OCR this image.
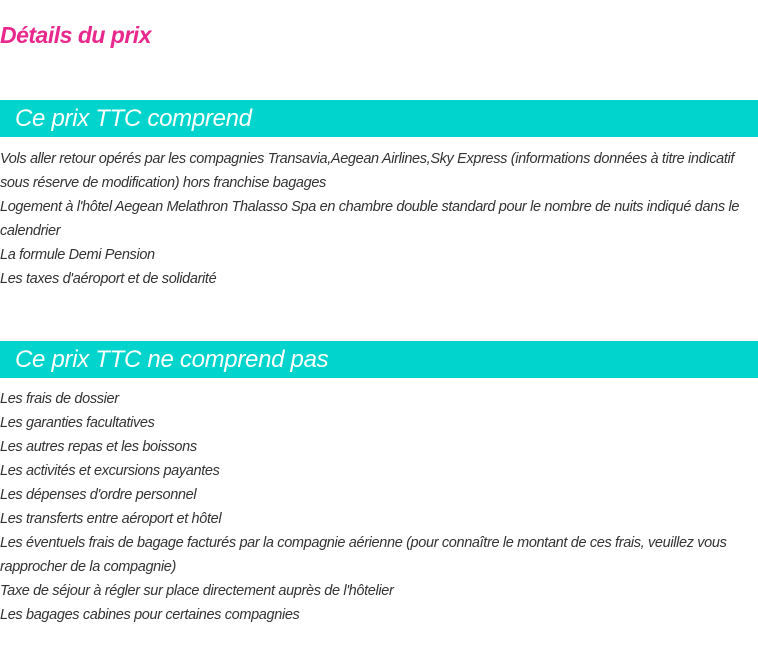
Détails du prix
Ce prix TTC comprend
Vols aller retour opérés par les compagnies Transavia,Aegean Airlines,Sky Express (informations données à titre indicatif sous réserve de modification) hors franchise bagages
Logement à l'hôtel Aegean Melathron Thalasso Spa en chambre double standard pour le nombre de nuits indiqué dans le calendrier
La formule Demi Pension
Les taxes d'aéroport et de solidarité
Ce prix TTC ne comprend pas
Les frais de dossier
Les garanties facultatives
Les autres repas et les boissons
Les activités et excursions payantes
Les dépenses d'ordre personnel
Les transferts entre aéroport et hôtel
Les éventuels frais de bagage facturés par la compagnie aérienne (pour connaître le montant de ces frais, veuillez vous rapprocher de la compagnie)
Taxe de séjour à régler sur place directement auprès de l'hôtelier
Les bagages cabines pour certaines compagnies
